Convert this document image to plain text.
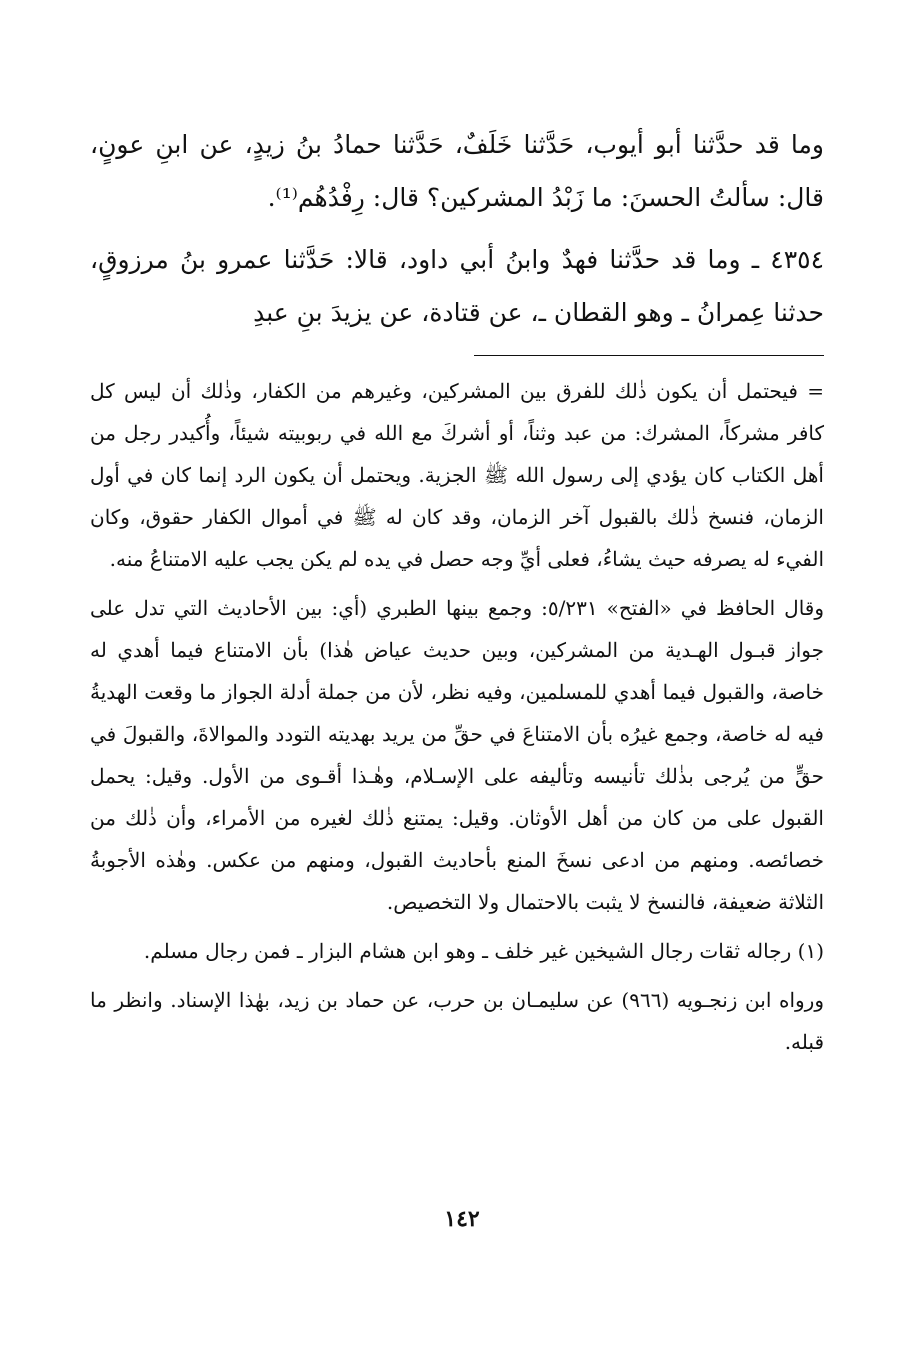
وما قد حدَّثنا أبو أيوب، حَدَّثنا خَلَفٌ، حَدَّثنا حمادُ بنُ زيدٍ، عن ابنِ عونٍ، قال: سألتُ الحسنَ: ما زَبْدُ المشركين؟ قال: رِفْدُهُم⁽¹⁾.

٤٣٥٤ ـ وما قد حدَّثنا فهدٌ وابنُ أبي داود، قالا: حَدَّثنا عمرو بنُ مرزوقٍ، حدثنا عِمرانُ ـ وهو القطان ـ، عن قتادة، عن يزيدَ بنِ عبدِ

= فيحتمل أن يكون ذٰلك للفرق بين المشركين، وغيرهم من الكفار، وذٰلك أن ليس كل كافر مشركاً، المشرك: من عبد وثناً، أو أشركَ مع الله في ربوبيته شيئاً، وأُكيدر رجل من أهل الكتاب كان يؤدي إلى رسول الله ﷺ الجزية. ويحتمل أن يكون الرد إنما كان في أول الزمان، فنسخ ذٰلك بالقبول آخر الزمان، وقد كان له ﷺ في أموال الكفار حقوق، وكان الفيء له يصرفه حيث يشاءُ، فعلى أيِّ وجه حصل في يده لم يكن يجب عليه الامتناعُ منه.

وقال الحافظ في «الفتح» ٥/٢٣١: وجمع بينها الطبري (أي: بين الأحاديث التي تدل على جواز قبـول الهـدية من المشركين، وبين حديث عياض هٰذا) بأن الامتناع فيما أهدي له خاصة، والقبول فيما أهدي للمسلمين، وفيه نظر، لأن من جملة أدلة الجواز ما وقعت الهديةُ فيه له خاصة، وجمع غيرُه بأن الامتناعَ في حقِّ من يريد بهديته التودد والموالاةَ، والقبولَ في حقٍّ من يُرجى بذٰلك تأنيسه وتأليفه على الإسـلام، وهٰـذا أقـوى من الأول. وقيل: يحمل القبول على من كان من أهل الأوثان. وقيل: يمتنع ذٰلك لغيره من الأمراء، وأن ذٰلك من خصائصه. ومنهم من ادعى نسخَ المنع بأحاديث القبول، ومنهم من عكس. وهٰذه الأجوبةُ الثلاثة ضعيفة، فالنسخ لا يثبت بالاحتمال ولا التخصيص.

(١) رجاله ثقات رجال الشيخين غير خلف ـ وهو ابن هشام البزار ـ فمن رجال مسلم.

ورواه ابن زنجـويه (٩٦٦) عن سليمـان بن حرب، عن حماد بن زيد، بهٰذا الإسناد. وانظر ما قبله.

١٤٢
